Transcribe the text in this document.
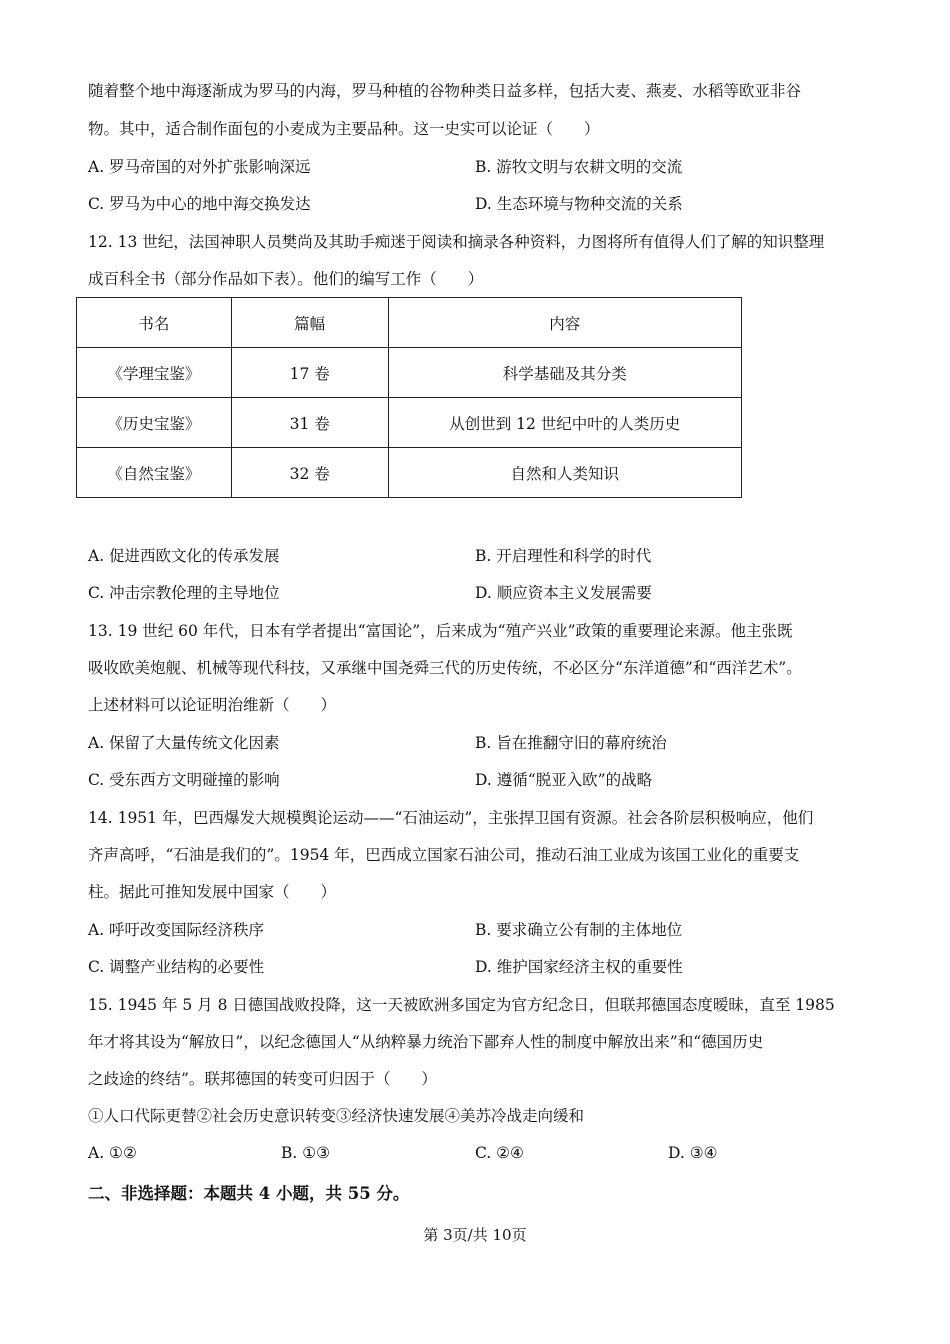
随着整个地中海逐渐成为罗马的内海，罗马种植的谷物种类日益多样，包括大麦、燕麦、水稻等欧亚非谷
物。其中，适合制作面包的小麦成为主要品种。这一史实可以论证（　　）
A. 罗马帝国的对外扩张影响深远	B. 游牧文明与农耕文明的交流
C. 罗马为中心的地中海交换发达	D. 生态环境与物种交流的关系
12. 13 世纪，法国神职人员樊尚及其助手痴迷于阅读和摘录各种资料，力图将所有值得人们了解的知识整理
成百科全书（部分作品如下表）。他们的编写工作（　　）
书名	篇幅	内容
《学理宝鉴》	17 卷	科学基础及其分类
《历史宝鉴》	31 卷	从创世到 12 世纪中叶的人类历史
《自然宝鉴》	32 卷	自然和人类知识
A. 促进西欧文化的传承发展	B. 开启理性和科学的时代
C. 冲击宗教伦理的主导地位	D. 顺应资本主义发展需要
13. 19 世纪 60 年代，日本有学者提出“富国论”，后来成为“殖产兴业”政策的重要理论来源。他主张既
吸收欧美炮舰、机械等现代科技，又承继中国尧舜三代的历史传统，不必区分“东洋道德”和“西洋艺术”。
上述材料可以论证明治维新（　　）
A. 保留了大量传统文化因素	B. 旨在推翻守旧的幕府统治
C. 受东西方文明碰撞的影响	D. 遵循“脱亚入欧”的战略
14. 1951 年，巴西爆发大规模舆论运动——“石油运动”，主张捍卫国有资源。社会各阶层积极响应，他们
齐声高呼，“石油是我们的”。1954 年，巴西成立国家石油公司，推动石油工业成为该国工业化的重要支
柱。据此可推知发展中国家（　　）
A. 呼吁改变国际经济秩序	B. 要求确立公有制的主体地位
C. 调整产业结构的必要性	D. 维护国家经济主权的重要性
15. 1945 年 5 月 8 日德国战败投降，这一天被欧洲多国定为官方纪念日，但联邦德国态度暧昧，直至 1985
年才将其设为“解放日”，以纪念德国人“从纳粹暴力统治下鄙弃人性的制度中解放出来”和“德国历史
之歧途的终结”。联邦德国的转变可归因于（　　）
①人口代际更替②社会历史意识转变③经济快速发展④美苏冷战走向缓和
A. ①②	B. ①③	C. ②④	D. ③④
二、非选择题：本题共 4 小题，共 55 分。
第 3页/共 10页
